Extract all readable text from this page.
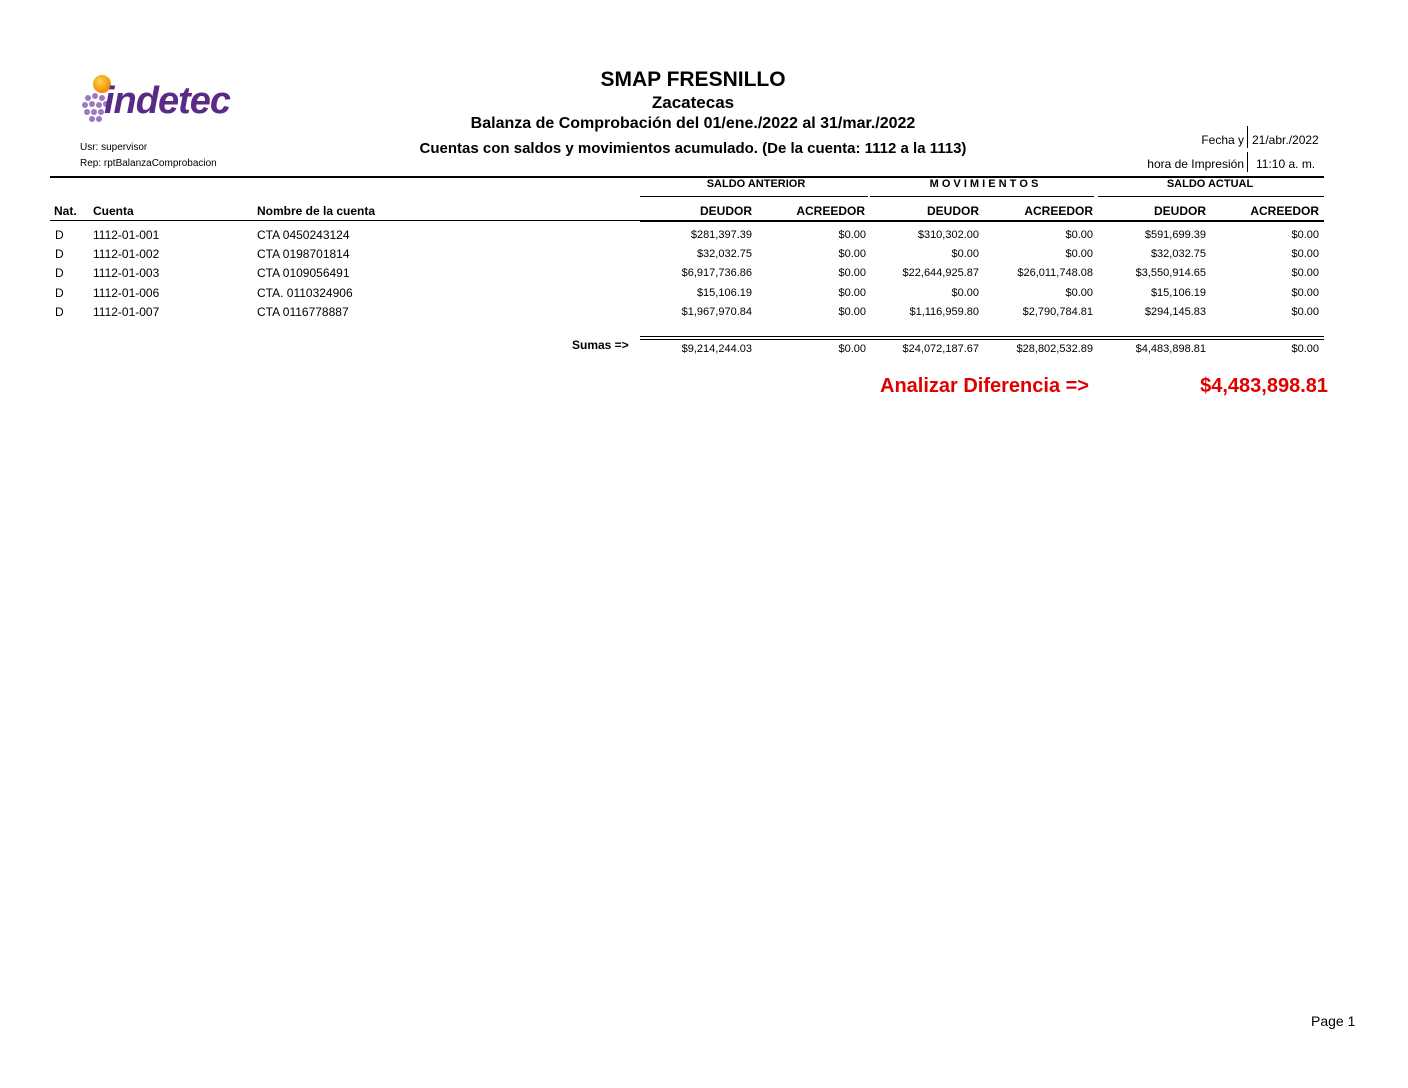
indetec
SMAP FRESNILLO
Zacatecas
Balanza de Comprobación del 01/ene./2022 al 31/mar./2022
Cuentas con saldos y movimientos acumulado. (De la cuenta: 1112 a la 1113)
Usr: supervisor
Rep: rptBalanzaComprobacion
Fecha y
hora de Impresión
21/abr./2022
11:10 a. m.
SALDO ANTERIOR	M O V I M I E N T O S	SALDO ACTUAL
Nat. Cuenta	Nombre de la cuenta	DEUDOR	ACREEDOR	DEUDOR	ACREEDOR	DEUDOR	ACREEDOR
D 1112-01-001	CTA 0450243124	$281,397.39	$0.00	$310,302.00	$0.00	$591,699.39	$0.00
D 1112-01-002	CTA 0198701814	$32,032.75	$0.00	$0.00	$0.00	$32,032.75	$0.00
D 1112-01-003	CTA 0109056491	$6,917,736.86	$0.00	$22,644,925.87	$26,011,748.08	$3,550,914.65	$0.00
D 1112-01-006	CTA. 0110324906	$15,106.19	$0.00	$0.00	$0.00	$15,106.19	$0.00
D 1112-01-007	CTA 0116778887	$1,967,970.84	$0.00	$1,116,959.80	$2,790,784.81	$294,145.83	$0.00
Sumas =>	$9,214,244.03	$0.00	$24,072,187.67	$28,802,532.89	$4,483,898.81	$0.00
Analizar Diferencia =>	$4,483,898.81
Page 1
